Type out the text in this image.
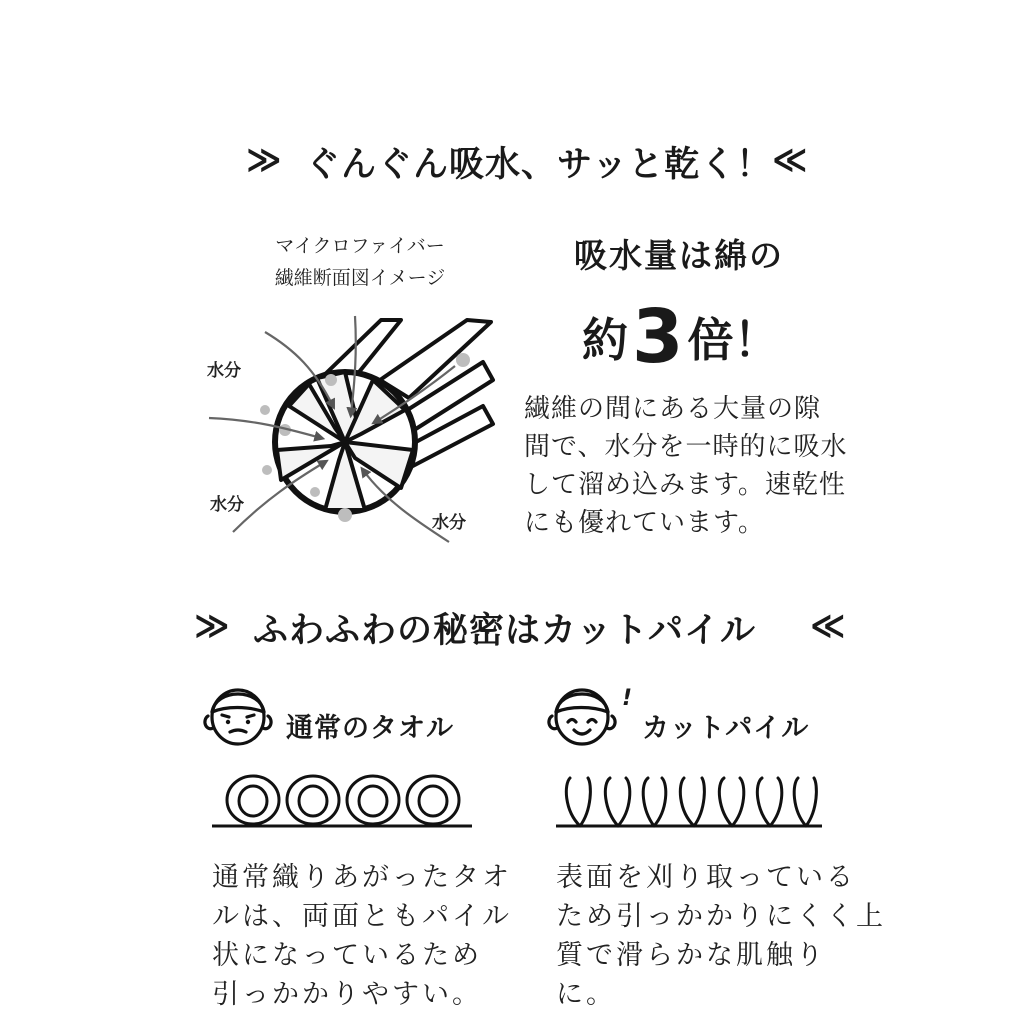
≫ ぐんぐん吸水、サッと乾く！ ≪
マイクロファイバー
繊維断面図イメージ
水分
水分
水分
吸水量は綿の
約3倍！
繊維の間にある大量の隙
間で、水分を一時的に吸水
して溜め込みます。速乾性
にも優れています。
≫ ふわふわの秘密はカットパイル ≪
通常のタオル
通常織りあがったタオ
ルは、両面ともパイル
状になっているため
引っかかりやすい。
!
カットパイル
表面を刈り取っている
ため引っかかりにくく上
質で滑らかな肌触り
に。
